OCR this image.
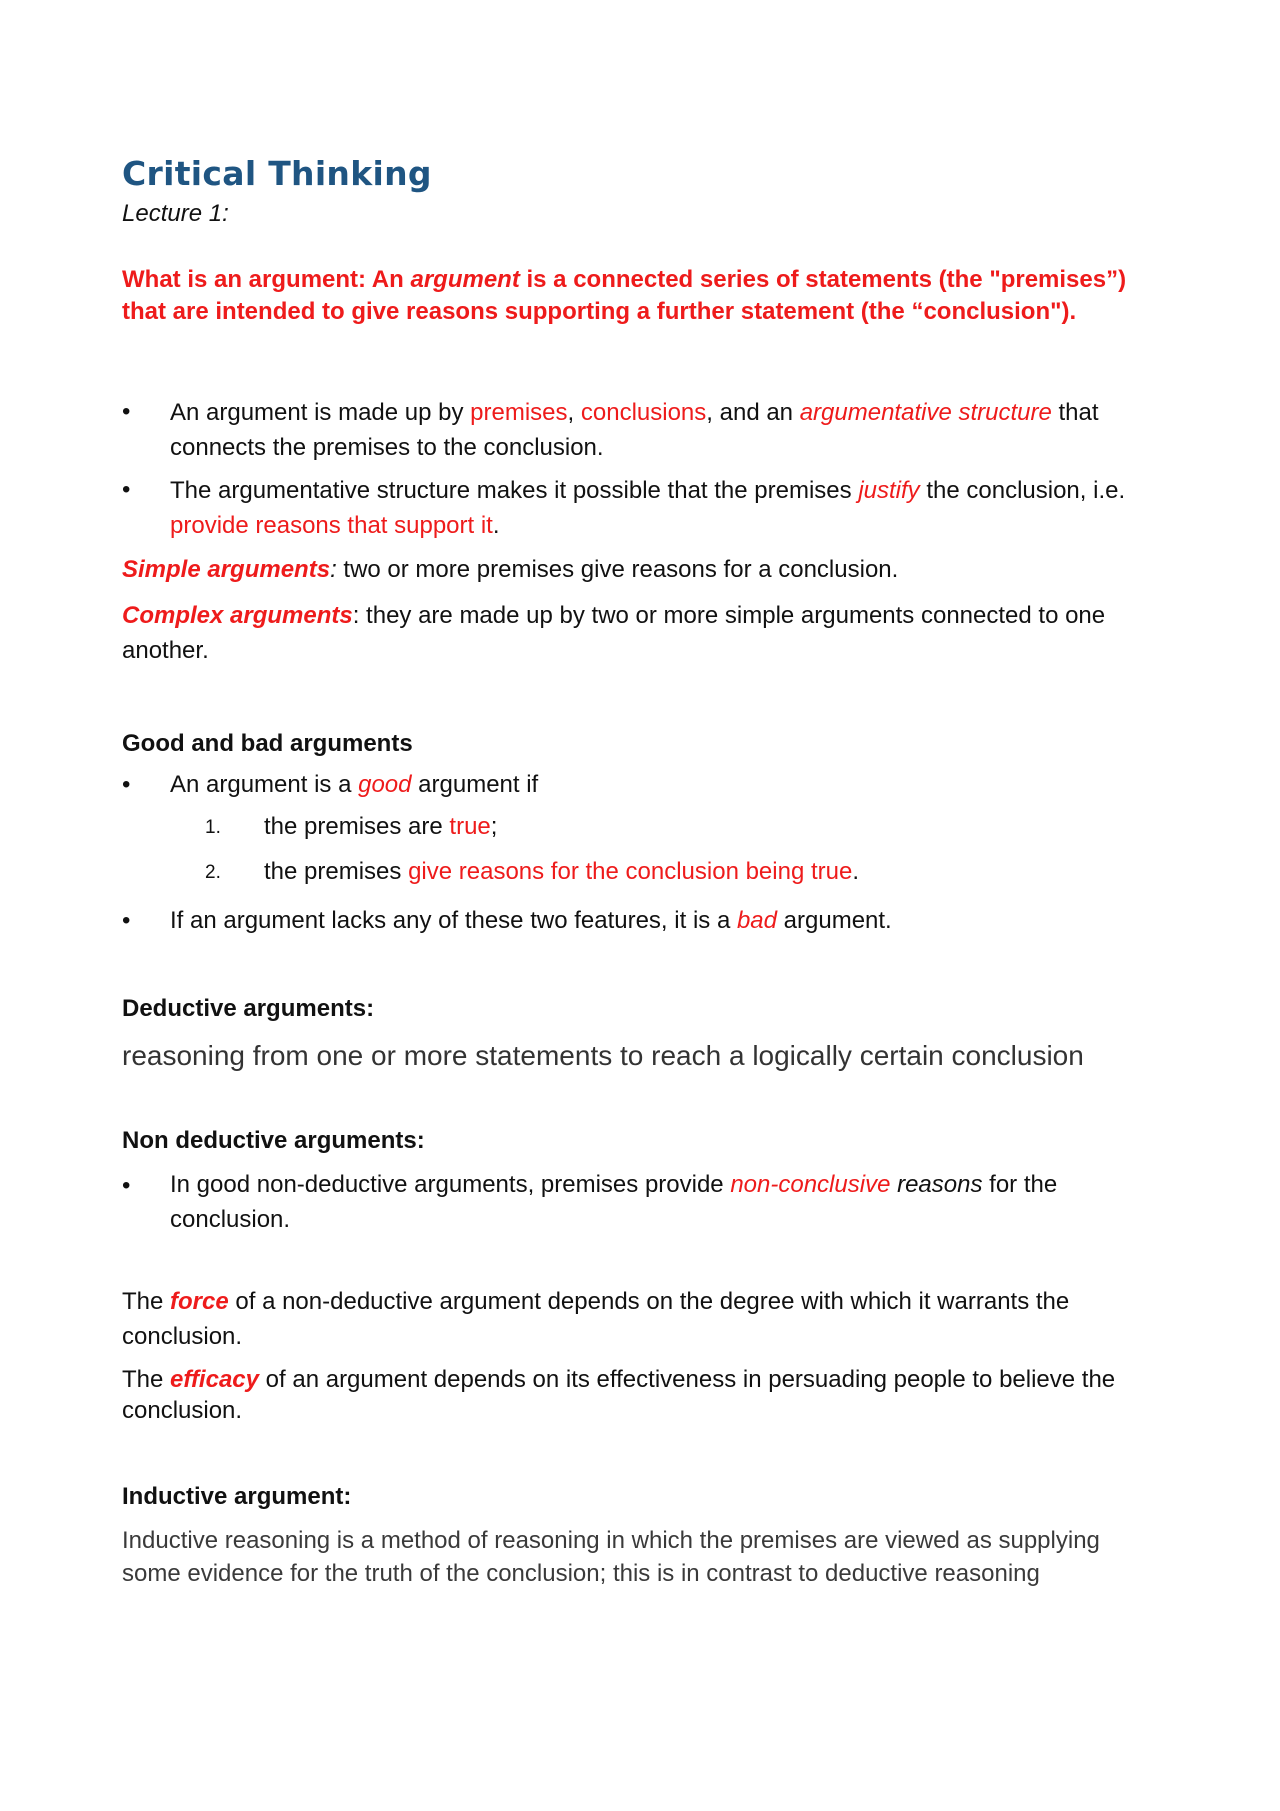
Critical Thinking
Lecture 1:
What is an argument: An argument is a connected series of statements (the "premises”) that are intended to give reasons supporting a further statement (the “conclusion").
• An argument is made up by premises, conclusions, and an argumentative structure that connects the premises to the conclusion.
• The argumentative structure makes it possible that the premises justify the conclusion, i.e. provide reasons that support it.
Simple arguments: two or more premises give reasons for a conclusion.
Complex arguments: they are made up by two or more simple arguments connected to one another.
Good and bad arguments
• An argument is a good argument if
1. the premises are true;
2. the premises give reasons for the conclusion being true.
• If an argument lacks any of these two features, it is a bad argument.
Deductive arguments:
reasoning from one or more statements to reach a logically certain conclusion
Non deductive arguments:
• In good non-deductive arguments, premises provide non-conclusive reasons for the conclusion.
The force of a non-deductive argument depends on the degree with which it warrants the conclusion.
The efficacy of an argument depends on its effectiveness in persuading people to believe the conclusion.
Inductive argument:
Inductive reasoning is a method of reasoning in which the premises are viewed as supplying some evidence for the truth of the conclusion; this is in contrast to deductive reasoning
